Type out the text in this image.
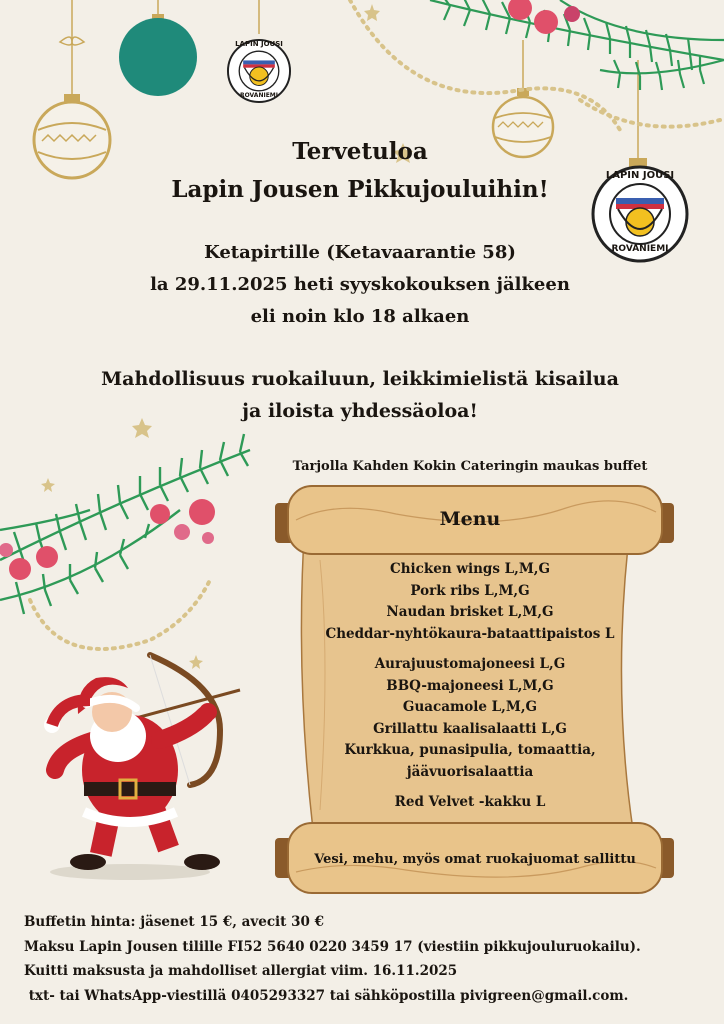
LAPIN JOUSI
ROVANIEMI
LAPIN JOUSI
ROVANIEMI
Tervetuloa
Lapin Jousen Pikkujouluihin!
Ketapirtille (Ketavaarantie 58)
la 29.11.2025 heti syyskokouksen jälkeen
eli noin klo 18 alkaen
Mahdollisuus ruokailuun, leikkimielistä kisailua
ja iloista yhdessäoloa!
Tarjolla Kahden Kokin Cateringin maukas buffet
Menu
Chicken wings L,M,G
Pork ribs L,M,G
Naudan brisket L,M,G
Cheddar-nyhtökaura-bataattipaistos L
Aurajuustomajoneesi L,G
BBQ-majoneesi L,M,G
Guacamole L,M,G
Grillattu kaalisalaatti L,G
Kurkkua, punasipulia, tomaattia,
jäävuorisalaattia
Red Velvet -kakku L
Vesi, mehu, myös omat ruokajuomat sallittu
Buffetin hinta: jäsenet 15 €, avecit 30 €
Maksu Lapin Jousen tilille FI52 5640 0220 3459 17 (viestiin pikkujouluruokailu).
Kuitti maksusta ja mahdolliset allergiat viim. 16.11.2025
txt- tai WhatsApp-viestillä 0405293327 tai sähköpostilla pivigreen@gmail.com.
